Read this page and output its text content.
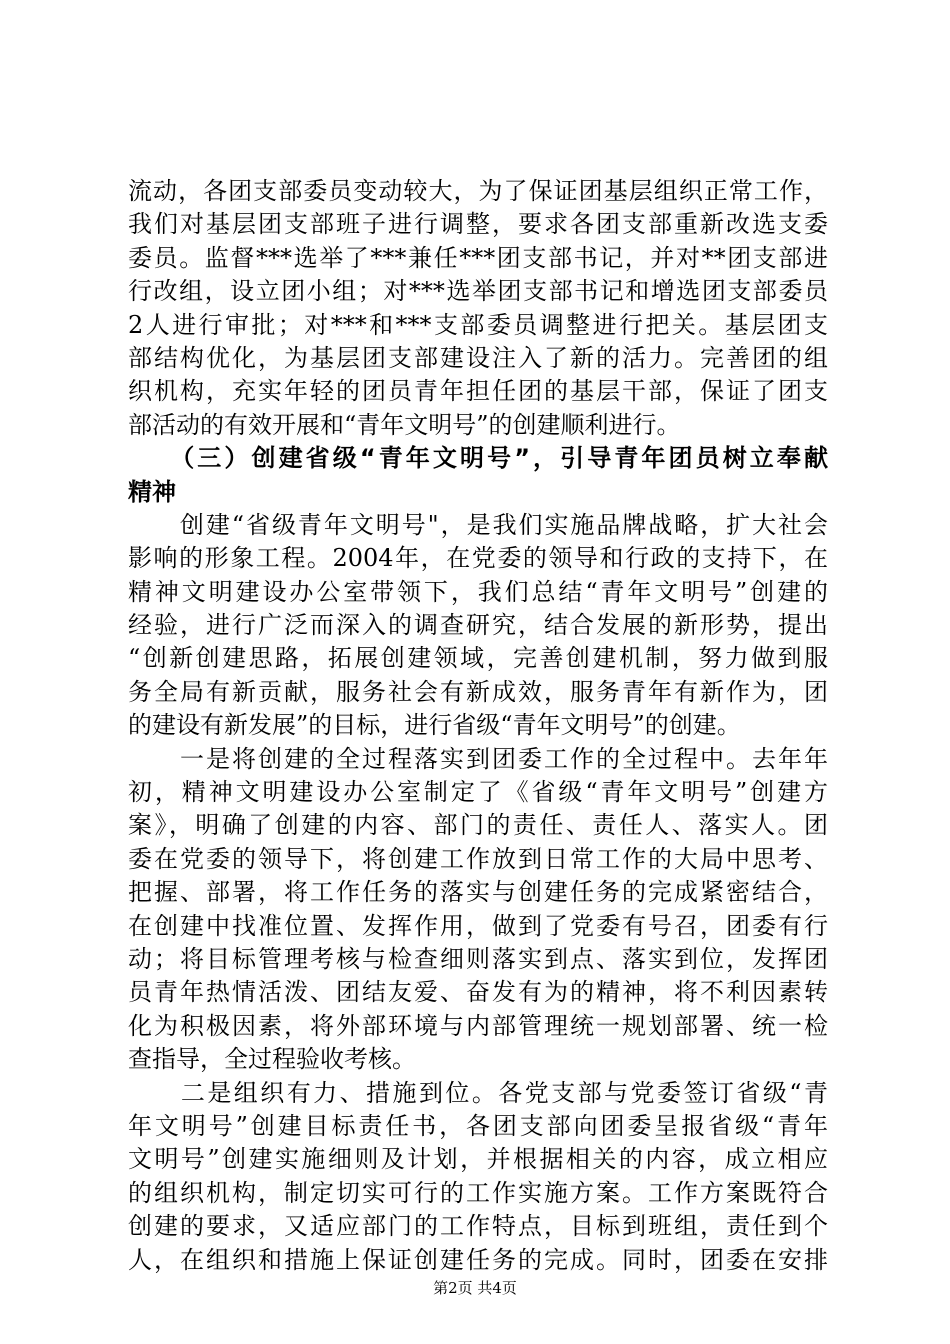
流动，各团支部委员变动较大，为了保证团基层组织正常工作，
我们对基层团支部班子进行调整，要求各团支部重新改选支委
委员。监督***选举了***兼任***团支部书记，并对**团支部进
行改组，设立团小组；对***选举团支部书记和增选团支部委员
2人进行审批；对***和***支部委员调整进行把关。基层团支
部结构优化，为基层团支部建设注入了新的活力。完善团的组
织机构，充实年轻的团员青年担任团的基层干部，保证了团支
部活动的有效开展和“青年文明号”的创建顺利进行。
　　（三）创建省级“青年文明号”，引导青年团员树立奉献
精神
　　创建“省级青年文明号"，是我们实施品牌战略，扩大社会
影响的形象工程。2004年，在党委的领导和行政的支持下，在
精神文明建设办公室带领下，我们总结“青年文明号”创建的
经验，进行广泛而深入的调查研究，结合发展的新形势，提出
“创新创建思路，拓展创建领域，完善创建机制，努力做到服
务全局有新贡献，服务社会有新成效，服务青年有新作为，团
的建设有新发展”的目标，进行省级“青年文明号”的创建。
　　一是将创建的全过程落实到团委工作的全过程中。去年年
初，精神文明建设办公室制定了《省级“青年文明号”创建方
案》，明确了创建的内容、部门的责任、责任人、落实人。团
委在党委的领导下，将创建工作放到日常工作的大局中思考、
把握、部署，将工作任务的落实与创建任务的完成紧密结合，
在创建中找准位置、发挥作用，做到了党委有号召，团委有行
动；将目标管理考核与检查细则落实到点、落实到位，发挥团
员青年热情活泼、团结友爱、奋发有为的精神，将不利因素转
化为积极因素，将外部环境与内部管理统一规划部署、统一检
查指导，全过程验收考核。
　　二是组织有力、措施到位。各党支部与党委签订省级“青
年文明号”创建目标责任书，各团支部向团委呈报省级“青年
文明号”创建实施细则及计划，并根据相关的内容，成立相应
的组织机构，制定切实可行的工作实施方案。工作方案既符合
创建的要求，又适应部门的工作特点，目标到班组，责任到个
人，在组织和措施上保证创建任务的完成。同时，团委在安排
第2页 共4页
